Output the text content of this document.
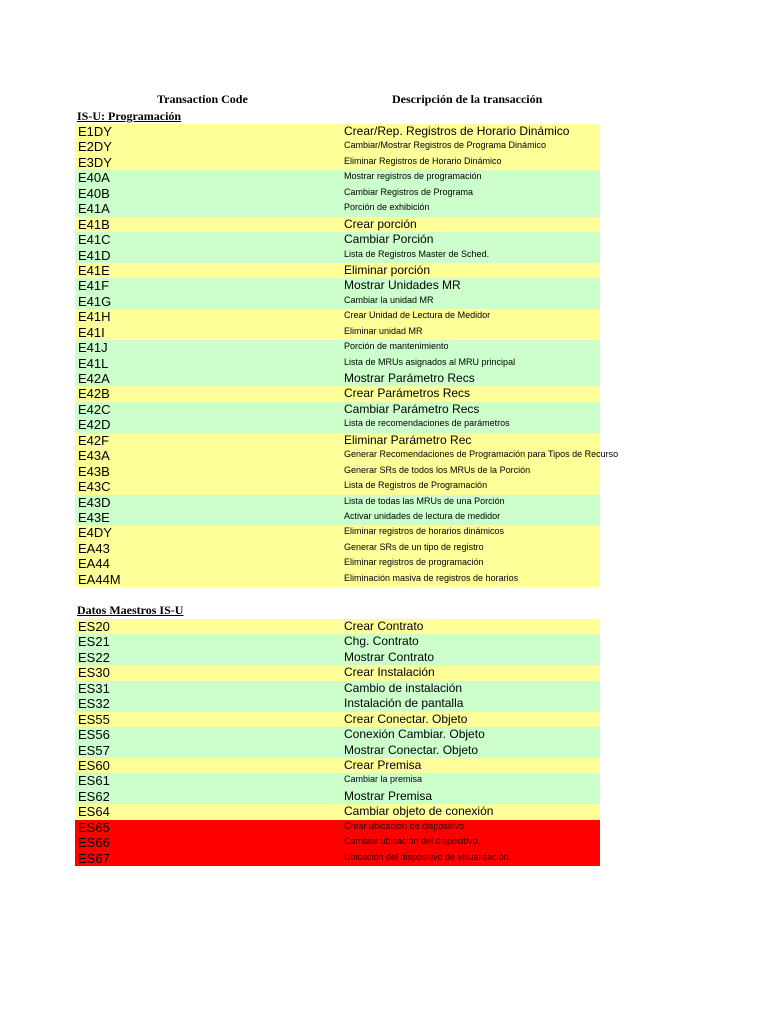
Transaction Code	Descripción de la transacción
IS-U: Programación
E1DY	Crear/Rep. Registros de Horario Dinámico
E2DY	Cambiar/Mostrar Registros de Programa Dinámico
E3DY	Eliminar Registros de Horario Dinámico
E40A	Mostrar registros de programación
E40B	Cambiar Registros de Programa
E41A	Porción de exhibición
E41B	Crear porción
E41C	Cambiar Porción
E41D	Lista de Registros Master de Sched.
E41E	Eliminar porción
E41F	Mostrar Unidades MR
E41G	Cambiar la unidad MR
E41H	Crear Unidad de Lectura de Medidor
E41I	Eliminar unidad MR
E41J	Porción de mantenimiento
E41L	Lista de MRUs asignados al MRU principal
E42A	Mostrar Parámetro Recs
E42B	Crear Parámetros Recs
E42C	Cambiar Parámetro Recs
E42D	Lista de recomendaciones de parámetros
E42F	Eliminar Parámetro Rec
E43A	Generar Recomendaciones de Programación para Tipos de Recurso
E43B	Generar SRs de todos los MRUs de la Porción
E43C	Lista de Registros de Programación
E43D	Lista de todas las MRUs de una Porción
E43E	Activar unidades de lectura de medidor
E4DY	Eliminar registros de horarios dinámicos
EA43	Generar SRs de un tipo de registro
EA44	Eliminar registros de programación
EA44M	Eliminación masiva de registros de horarios
Datos Maestros IS-U
ES20	Crear Contrato
ES21	Chg. Contrato
ES22	Mostrar Contrato
ES30	Crear Instalación
ES31	Cambio de instalación
ES32	Instalación de pantalla
ES55	Crear Conectar. Objeto
ES56	Conexión Cambiar. Objeto
ES57	Mostrar Conectar. Objeto
ES60	Crear Premisa
ES61	Cambiar la premisa
ES62	Mostrar Premisa
ES64	Cambiar objeto de conexión
ES65	Crear ubicación de dispositivo.
ES66	Cambiar ubicación del dispositivo.
ES67	Ubicación del dispositivo de visualización.
